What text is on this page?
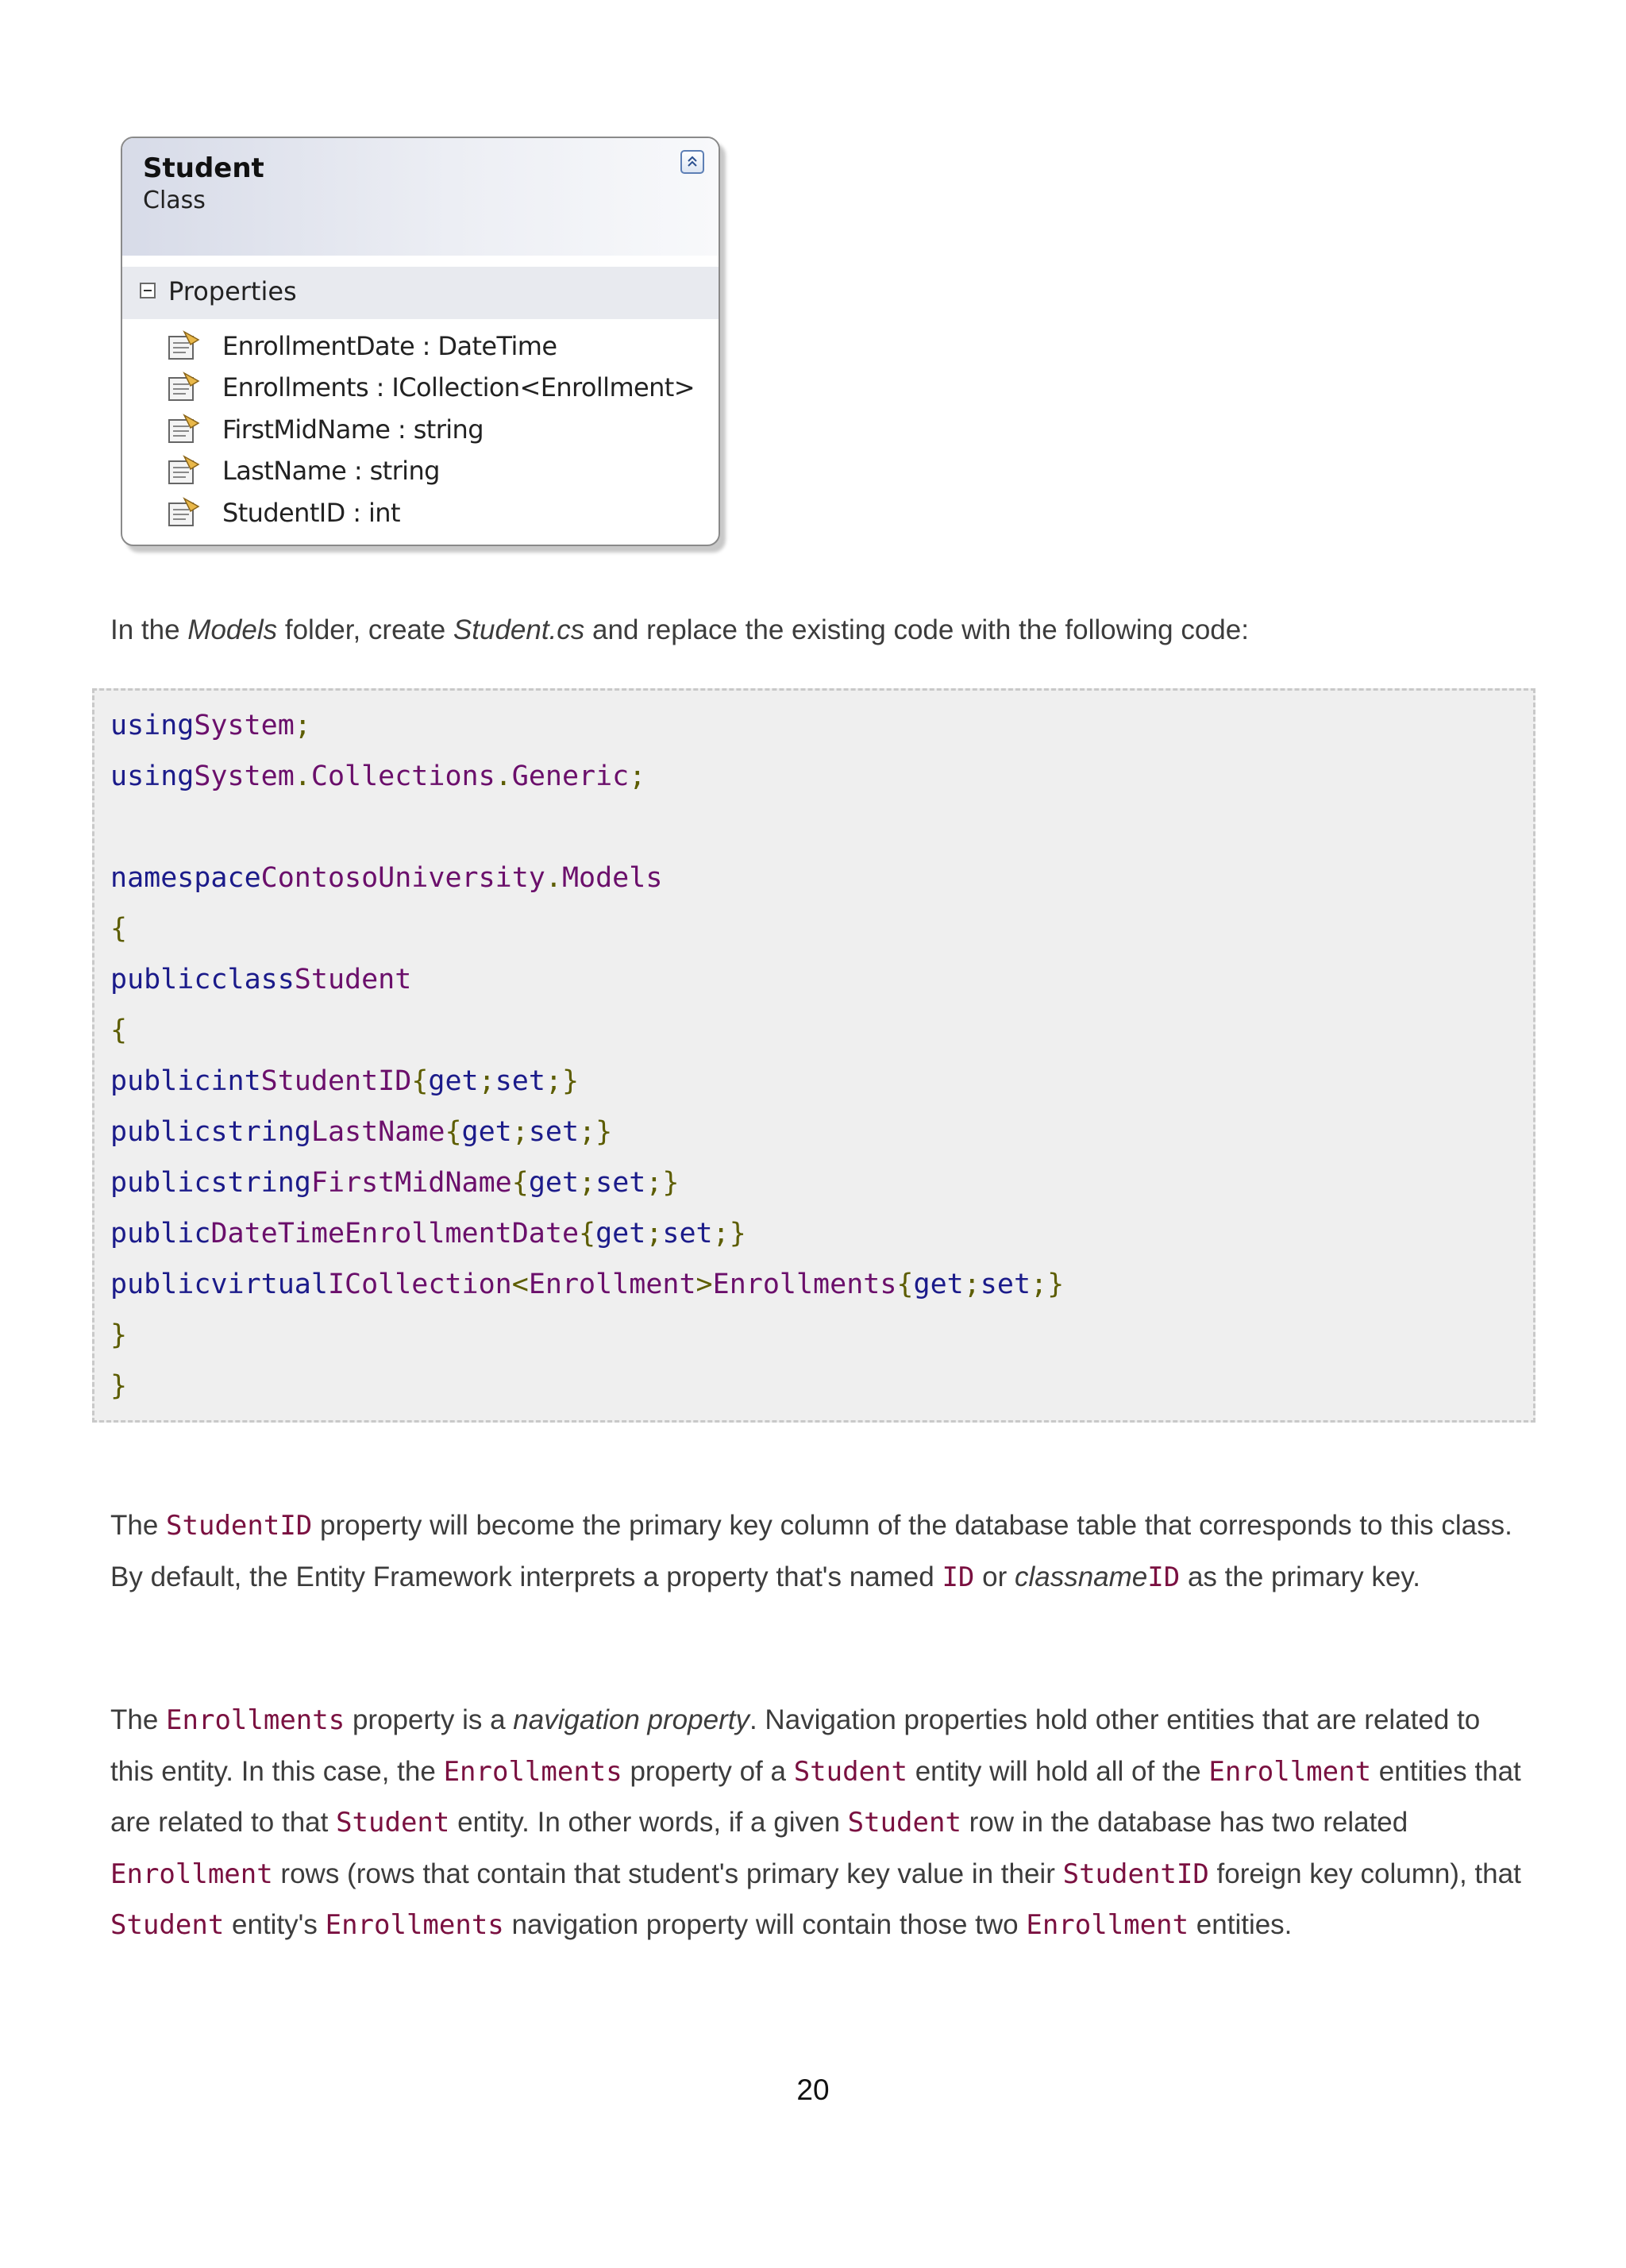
Student
Class
Properties
EnrollmentDate : DateTime
Enrollments : ICollection<Enrollment>
FirstMidName : string
LastName : string
StudentID : int
In the Models folder, create Student.cs and replace the existing code with the following code:
usingSystem;
usingSystem.Collections.Generic;
namespaceContosoUniversity.Models
{
publicclassStudent
{
publicintStudentID{get;set;}
publicstringLastName{get;set;}
publicstringFirstMidName{get;set;}
publicDateTimeEnrollmentDate{get;set;}
publicvirtualICollection<Enrollment>Enrollments{get;set;}
}
}
The StudentID property will become the primary key column of the database table that corresponds to this class. By default, the Entity Framework interprets a property that's named ID or classnameID as the primary key.
The Enrollments property is a navigation property. Navigation properties hold other entities that are related to this entity. In this case, the Enrollments property of a Student entity will hold all of the Enrollment entities that are related to that Student entity. In other words, if a given Student row in the database has two related Enrollment rows (rows that contain that student's primary key value in their StudentID foreign key column), that Student entity's Enrollments navigation property will contain those two Enrollment entities.
20
